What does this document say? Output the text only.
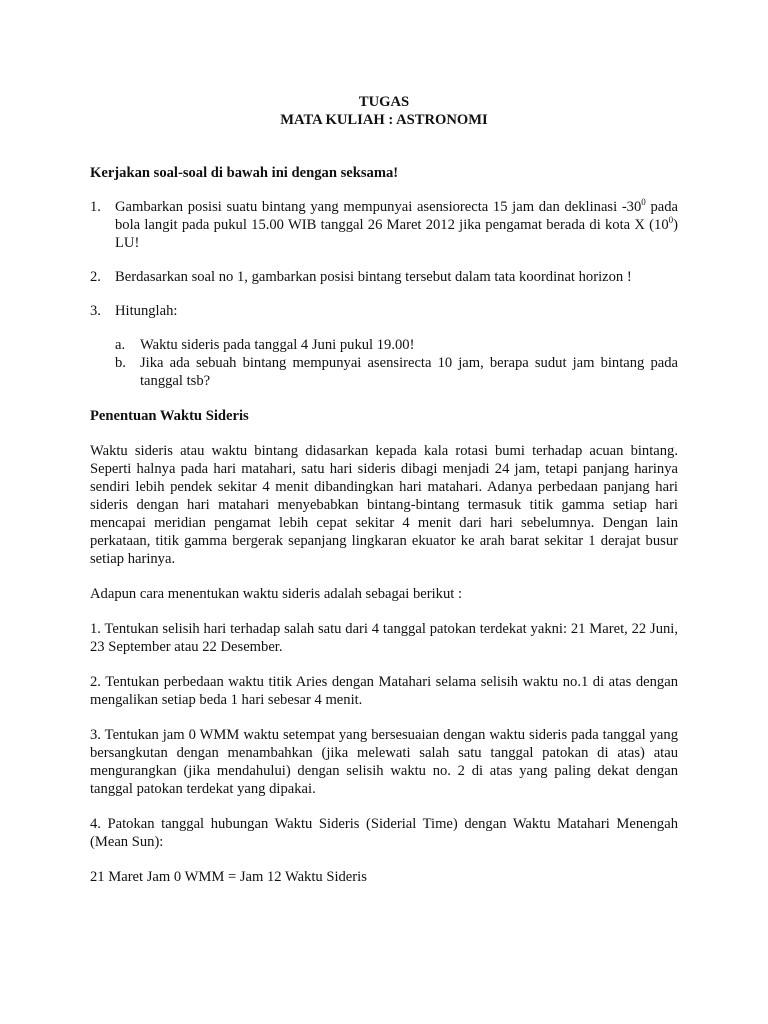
TUGAS

MATA KULIAH : ASTRONOMI

Kerjakan soal-soal di bawah ini dengan seksama!

1. Gambarkan posisi suatu bintang yang mempunyai asensiorecta 15 jam dan deklinasi $-30^0$ pada bola langit pada pukul 15.00 WIB tanggal 26 Maret 2012 jika pengamat berada di kota X $(10^0)$ LU!
2. Berdasarkan soal no 1, gambarkan posisi bintang tersebut dalam tata koordinat horizon !
3. Hitunglah:
a. Waktu sideris pada tanggal 4 Juni pukul 19.00!
b. Jika ada sebuah bintang mempunyai asensirecta 10 jam, berapa sudut jam bintang pada tanggal tsb?

Penentuan Waktu Sideris

Waktu sideris atau waktu bintang didasarkan kepada kala rotasi bumi terhadap acuan bintang. Seperti halnya pada hari matahari, satu hari sideris dibagi menjadi 24 jam, tetapi panjang harinya sendiri lebih pendek sekitar 4 menit dibandingkan hari matahari. Adanya perbedaan panjang hari sideris dengan hari matahari menyebabkan bintang-bintang termasuk titik gamma setiap hari mencapai meridian pengamat lebih cepat sekitar 4 menit dari hari sebelumnya. Dengan lain perkataan, titik gamma bergerak sepanjang lingkaran ekuator ke arah barat sekitar 1 derajat busur setiap harinya.

Adapun cara menentukan waktu sideris adalah sebagai berikut :

1. Tentukan selisih hari terhadap salah satu dari 4 tanggal patokan terdekat yakni: 21 Maret, 22 Juni, 23 September atau 22 Desember.

2. Tentukan perbedaan waktu titik Aries dengan Matahari selama selisih waktu no.1 di atas dengan mengalikan setiap beda 1 hari sebesar 4 menit.

3. Tentukan jam 0 WMM waktu setempat yang bersesuaian dengan waktu sideris pada tanggal yang bersangkutan dengan menambahkan (jika melewati salah satu tanggal patokan di atas) atau mengurangkan (jika mendahului) dengan selisih waktu no. 2 di atas yang paling dekat dengan tanggal patokan terdekat yang dipakai.

4. Patokan tanggal hubungan Waktu Sideris (Siderial Time) dengan Waktu Matahari Menengah (Mean Sun):

21 Maret Jam 0 WMM = Jam 12 Waktu Sideris
